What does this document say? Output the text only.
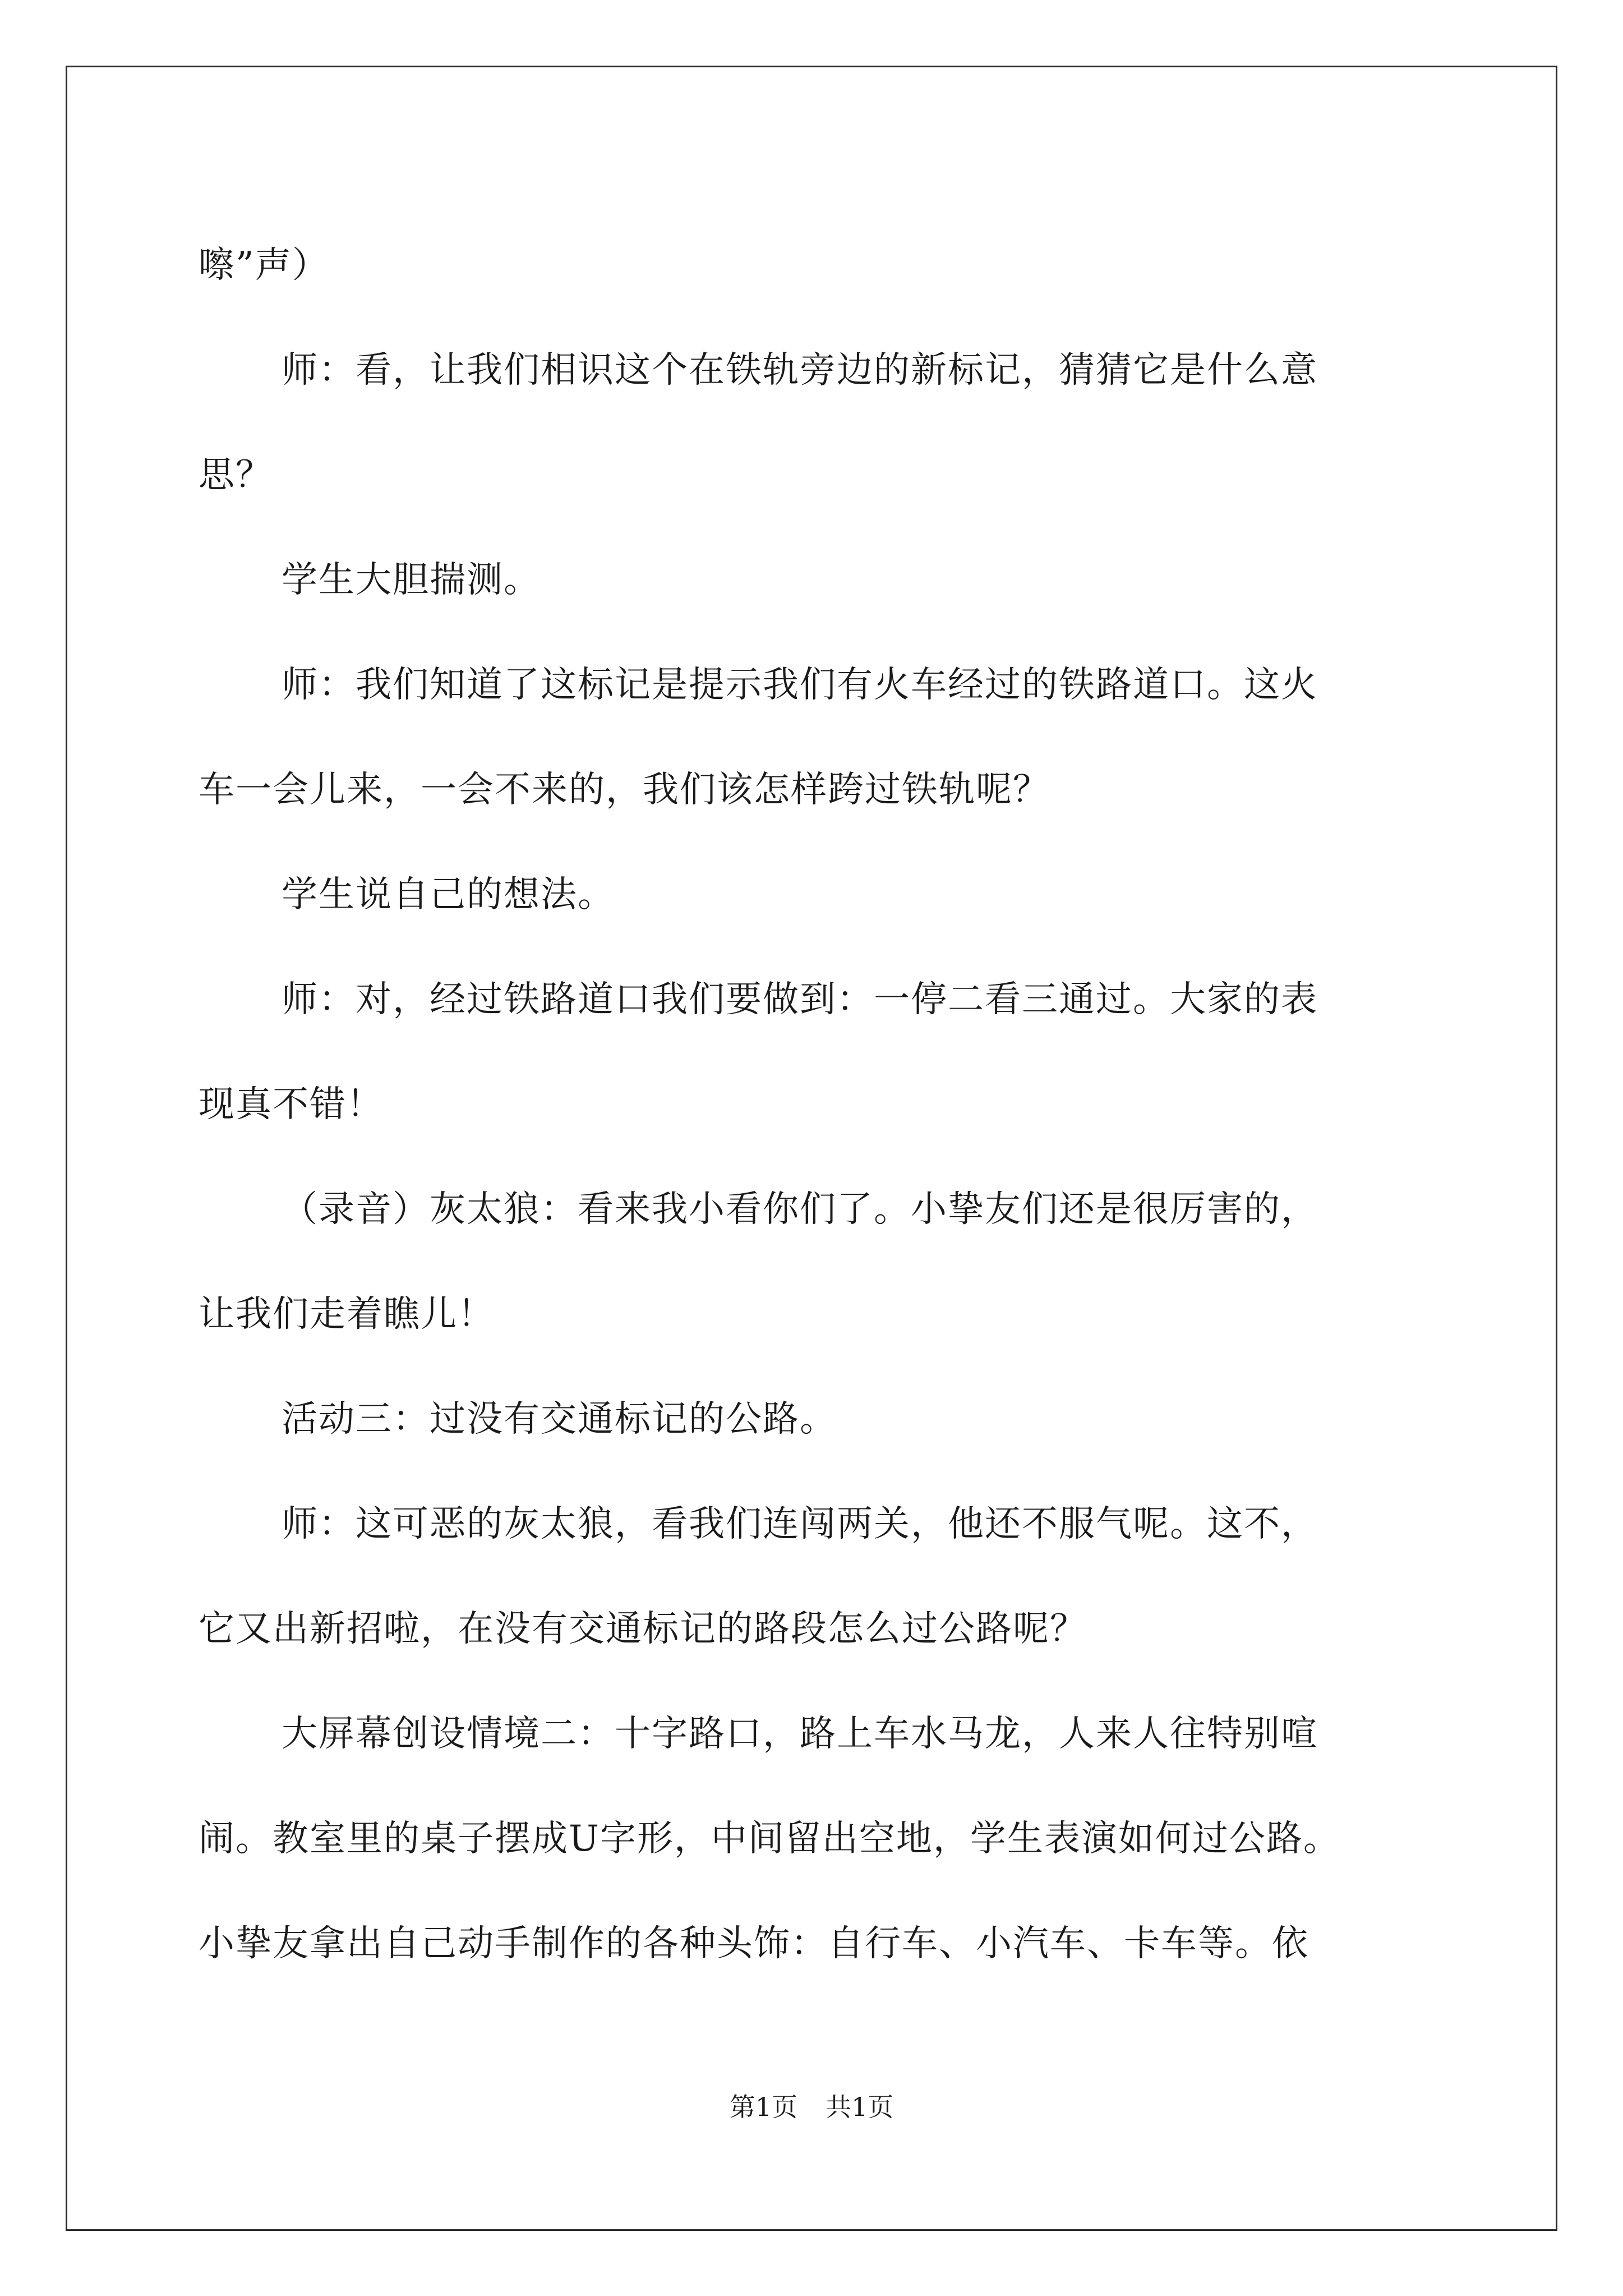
嚓”声）

师：看，让我们相识这个在铁轨旁边的新标记，猜猜它是什么意

思？

学生大胆揣测。

师：我们知道了这标记是提示我们有火车经过的铁路道口。这火

车一会儿来，一会不来的，我们该怎样跨过铁轨呢？

学生说自己的想法。

师：对，经过铁路道口我们要做到：一停二看三通过。大家的表

现真不错！

（录音）灰太狼：看来我小看你们了。小挚友们还是很厉害的，

让我们走着瞧儿！

活动三：过没有交通标记的公路。

师：这可恶的灰太狼，看我们连闯两关，他还不服气呢。这不，

它又出新招啦，在没有交通标记的路段怎么过公路呢？

大屏幕创设情境二：十字路口，路上车水马龙，人来人往特别喧

闹。教室里的桌子摆成U字形，中间留出空地，学生表演如何过公路。

小挚友拿出自己动手制作的各种头饰：自行车、小汽车、卡车等。依

第1页 共1页
